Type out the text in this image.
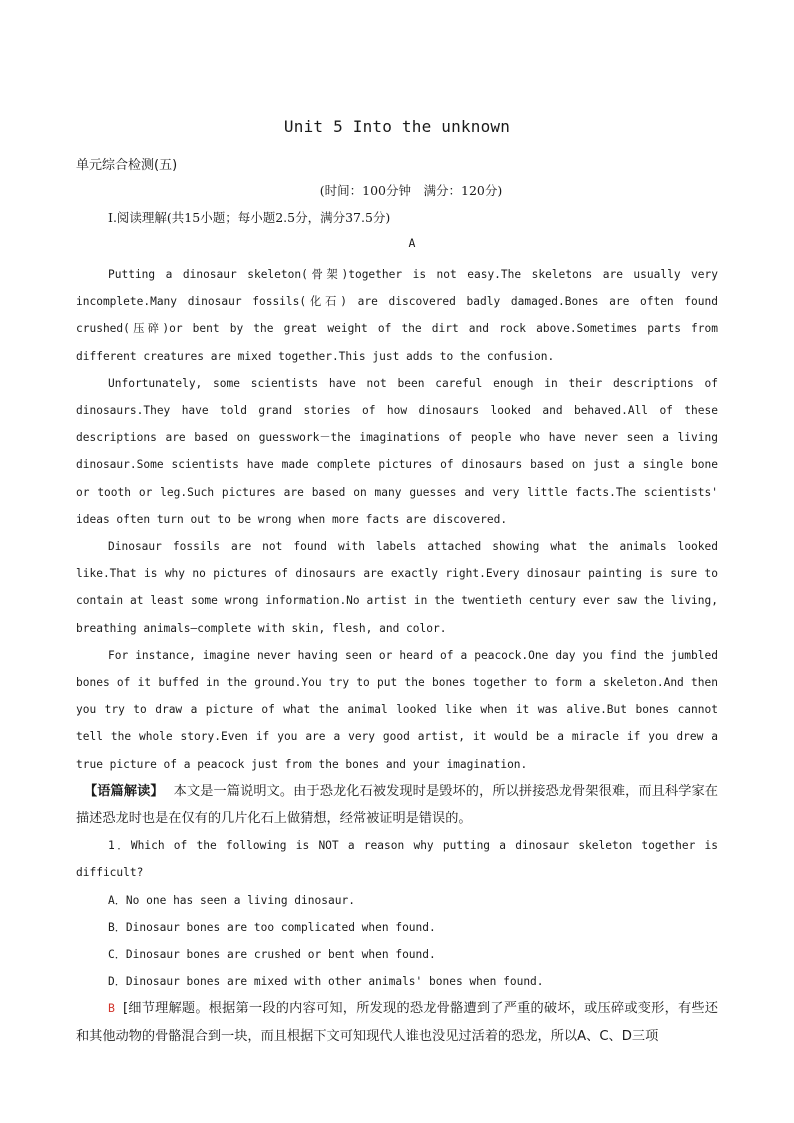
Unit 5 Into the unknown
单元综合检测(五)
(时间：100分钟　满分：120分)
Ⅰ.阅读理解(共15小题；每小题2.5分，满分37.5分)
A

Putting a dinosaur skeleton(骨架)together is not easy.The skeletons are usually very incomplete.Many dinosaur fossils(化石) are discovered badly damaged.Bones are often found crushed(压碎)or bent by the great weight of the dirt and rock above.Sometimes parts from different creatures are mixed together.This just adds to the confusion.

Unfortunately, some scientists have not been careful enough in their descriptions of dinosaurs.They have told grand stories of how dinosaurs looked and behaved.All of these descriptions are based on guesswork－the imaginations of people who have never seen a living dinosaur.Some scientists have made complete pictures of dinosaurs based on just a single bone or tooth or leg.Such pictures are based on many guesses and very little facts.The scientists' ideas often turn out to be wrong when more facts are discovered.

Dinosaur fossils are not found with labels attached showing what the animals looked like.That is why no pictures of dinosaurs are exactly right.Every dinosaur painting is sure to contain at least some wrong information.No artist in the twentieth century ever saw the living, breathing animals—complete with skin, flesh, and color.

For instance, imagine never having seen or heard of a peacock.One day you find the jumbled bones of it buffed in the ground.You try to put the bones together to form a skeleton.And then you try to draw a picture of what the animal looked like when it was alive.But bones cannot tell the whole story.Even if you are a very good artist, it would be a miracle if you drew a true picture of a peacock just from the bones and your imagination.

【语篇解读】 本文是一篇说明文。由于恐龙化石被发现时是毁坏的，所以拼接恐龙骨架很难，而且科学家在描述恐龙时也是在仅有的几片化石上做猜想，经常被证明是错误的。

1．Which of the following is NOT a reason why putting a dinosaur skeleton together is difficult?

A．No one has seen a living dinosaur.

B．Dinosaur bones are too complicated when found.

C．Dinosaur bones are crushed or bent when found.

D．Dinosaur bones are mixed with other animals' bones when found.

B [细节理解题。根据第一段的内容可知，所发现的恐龙骨骼遭到了严重的破坏，或压碎或变形，有些还和其他动物的骨骼混合到一块，而且根据下文可知现代人谁也没见过活着的恐龙，所以A、C、D三项
